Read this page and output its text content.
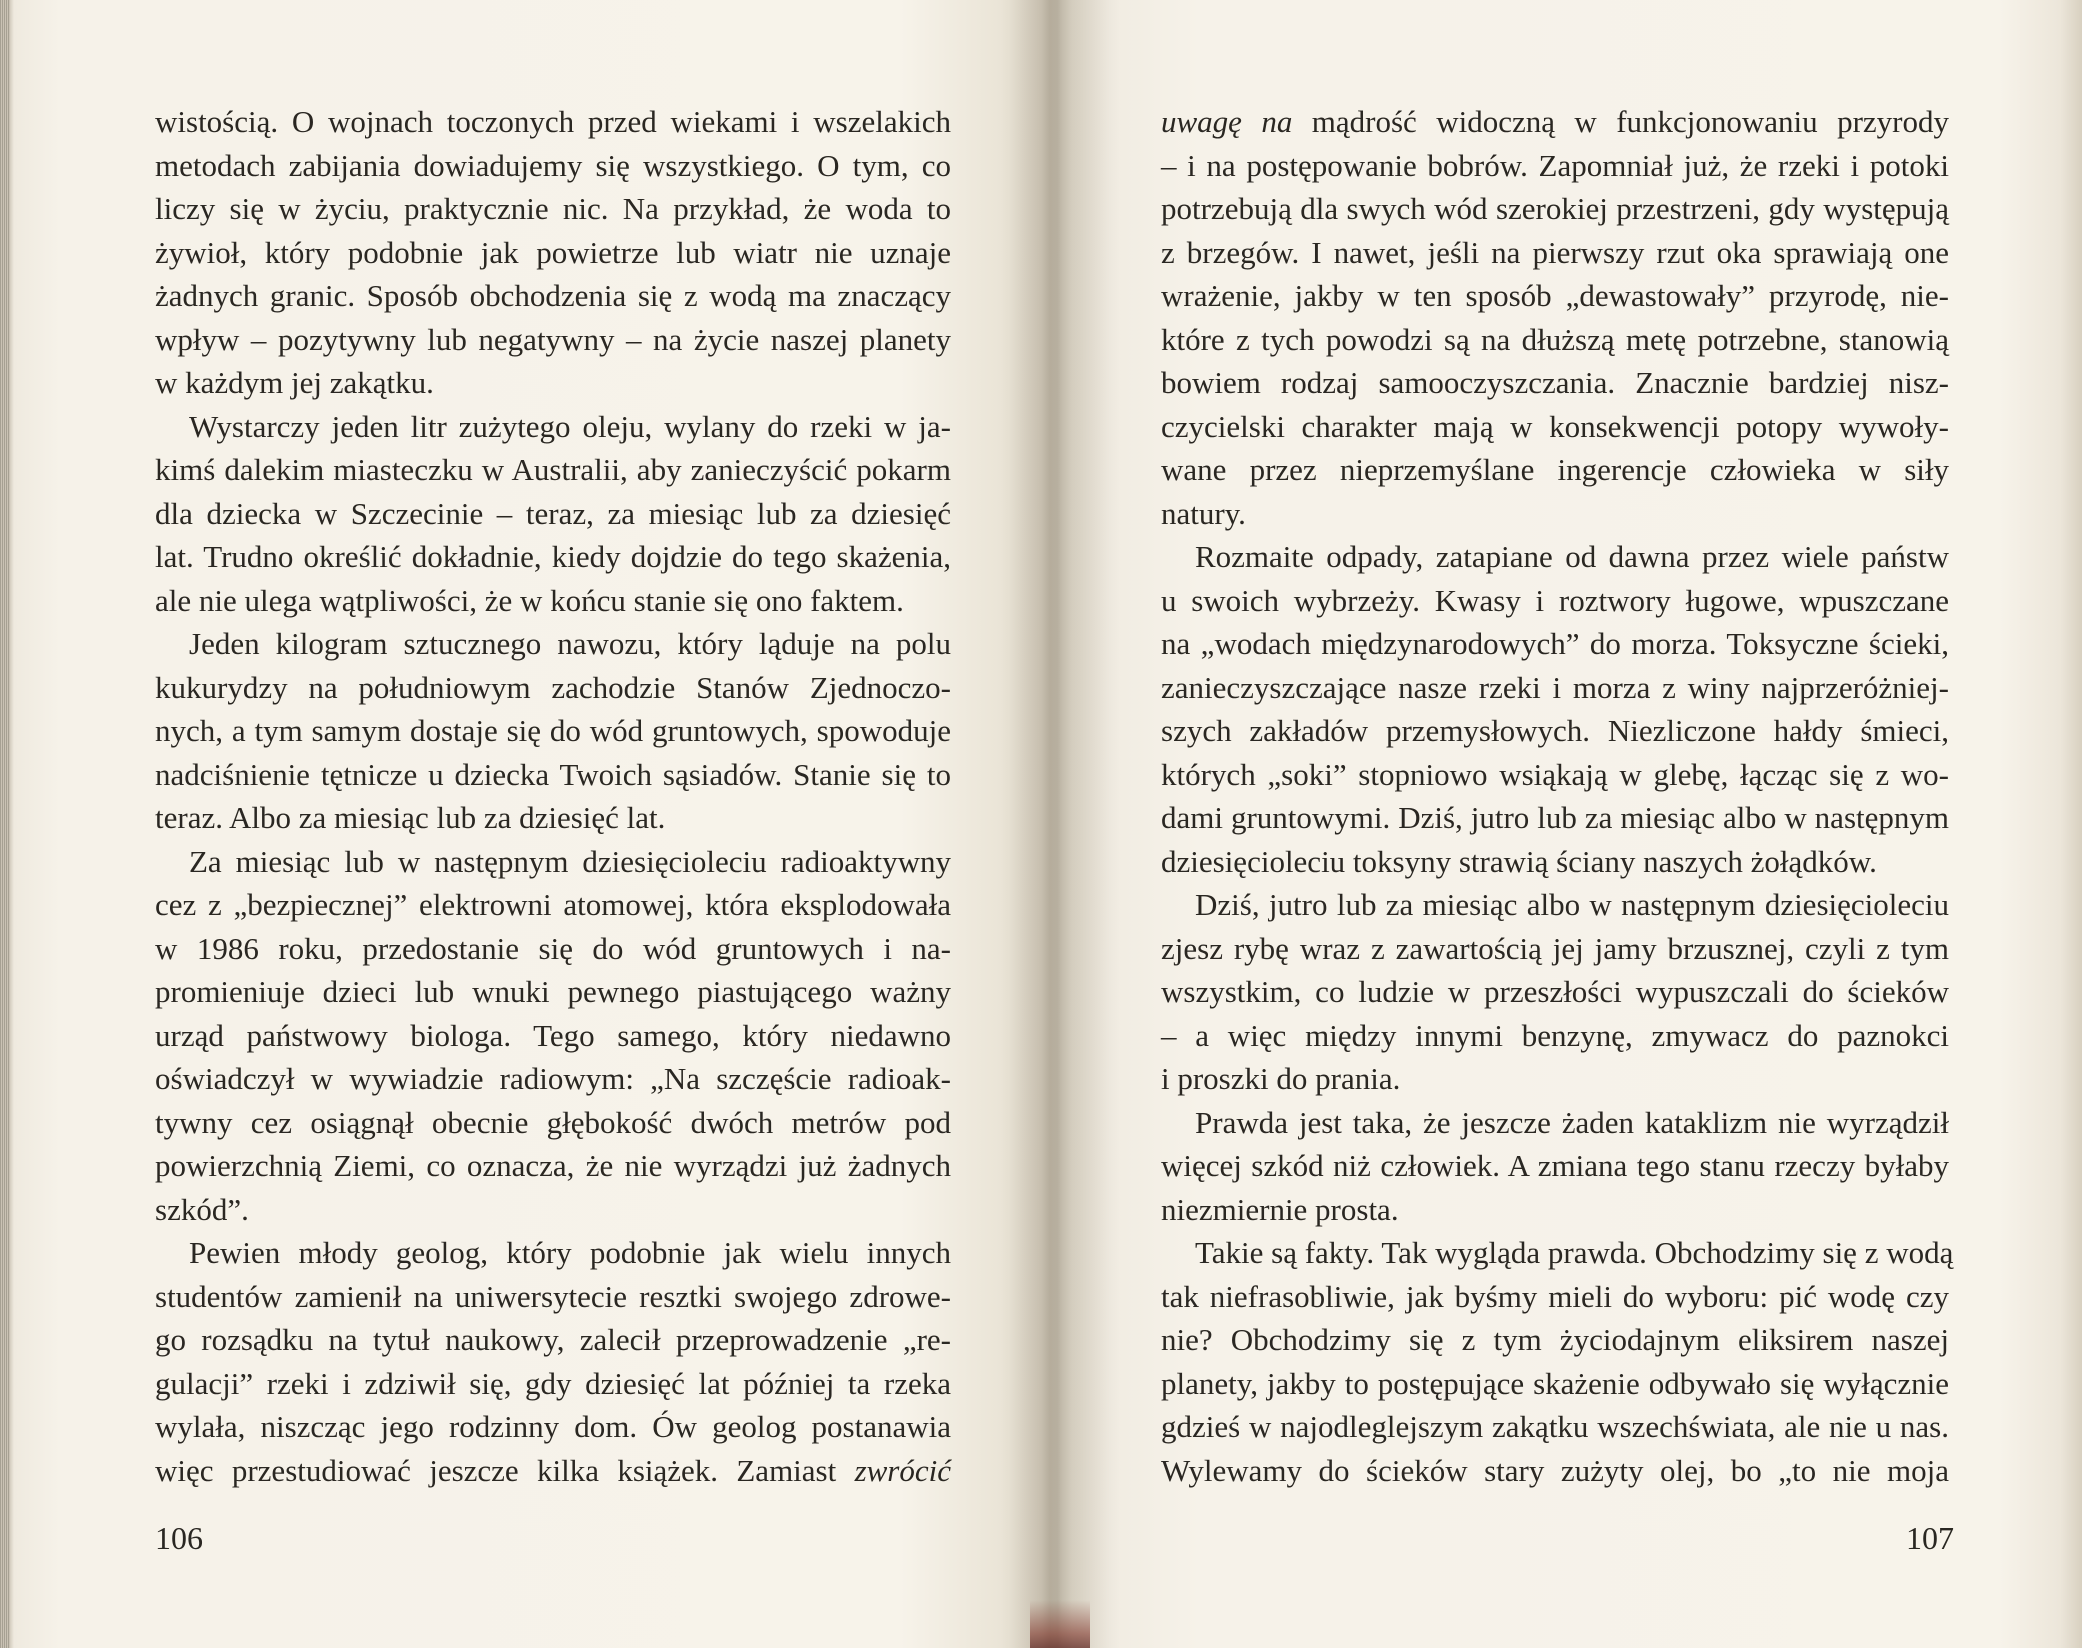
wistością. O wojnach toczonych przed wiekami i wszelakich
metodach zabijania dowiadujemy się wszystkiego. O tym, co
liczy się w życiu, praktycznie nic. Na przykład, że woda to
żywioł, który podobnie jak powietrze lub wiatr nie uznaje
żadnych granic. Sposób obchodzenia się z wodą ma znaczący
wpływ – pozytywny lub negatywny – na życie naszej planety
w każdym jej zakątku.
Wystarczy jeden litr zużytego oleju, wylany do rzeki w ja-
kimś dalekim miasteczku w Australii, aby zanieczyścić pokarm
dla dziecka w Szczecinie – teraz, za miesiąc lub za dziesięć
lat. Trudno określić dokładnie, kiedy dojdzie do tego skażenia,
ale nie ulega wątpliwości, że w końcu stanie się ono faktem.
Jeden kilogram sztucznego nawozu, który ląduje na polu
kukurydzy na południowym zachodzie Stanów Zjednoczo-
nych, a tym samym dostaje się do wód gruntowych, spowoduje
nadciśnienie tętnicze u dziecka Twoich sąsiadów. Stanie się to
teraz. Albo za miesiąc lub za dziesięć lat.
Za miesiąc lub w następnym dziesięcioleciu radioaktywny
cez z „bezpiecznej” elektrowni atomowej, która eksplodowała
w 1986 roku, przedostanie się do wód gruntowych i na-
promieniuje dzieci lub wnuki pewnego piastującego ważny
urząd państwowy biologa. Tego samego, który niedawno
oświadczył w wywiadzie radiowym: „Na szczęście radioak-
tywny cez osiągnął obecnie głębokość dwóch metrów pod
powierzchnią Ziemi, co oznacza, że nie wyrządzi już żadnych
szkód”.
Pewien młody geolog, który podobnie jak wielu innych
studentów zamienił na uniwersytecie resztki swojego zdrowe-
go rozsądku na tytuł naukowy, zalecił przeprowadzenie „re-
gulacji” rzeki i zdziwił się, gdy dziesięć lat później ta rzeka
wylała, niszcząc jego rodzinny dom. Ów geolog postanawia
więc przestudiować jeszcze kilka książek. Zamiast zwrócić
uwagę na mądrość widoczną w funkcjonowaniu przyrody
– i na postępowanie bobrów. Zapomniał już, że rzeki i potoki
potrzebują dla swych wód szerokiej przestrzeni, gdy występują
z brzegów. I nawet, jeśli na pierwszy rzut oka sprawiają one
wrażenie, jakby w ten sposób „dewastowały” przyrodę, nie-
które z tych powodzi są na dłuższą metę potrzebne, stanowią
bowiem rodzaj samooczyszczania. Znacznie bardziej nisz-
czycielski charakter mają w konsekwencji potopy wywoły-
wane przez nieprzemyślane ingerencje człowieka w siły
natury.
Rozmaite odpady, zatapiane od dawna przez wiele państw
u swoich wybrzeży. Kwasy i roztwory ługowe, wpuszczane
na „wodach międzynarodowych” do morza. Toksyczne ścieki,
zanieczyszczające nasze rzeki i morza z winy najprzeróżniej-
szych zakładów przemysłowych. Niezliczone hałdy śmieci,
których „soki” stopniowo wsiąkają w glebę, łącząc się z wo-
dami gruntowymi. Dziś, jutro lub za miesiąc albo w następnym
dziesięcioleciu toksyny strawią ściany naszych żołądków.
Dziś, jutro lub za miesiąc albo w następnym dziesięcioleciu
zjesz rybę wraz z zawartością jej jamy brzusznej, czyli z tym
wszystkim, co ludzie w przeszłości wypuszczali do ścieków
– a więc między innymi benzynę, zmywacz do paznokci
i proszki do prania.
Prawda jest taka, że jeszcze żaden kataklizm nie wyrządził
więcej szkód niż człowiek. A zmiana tego stanu rzeczy byłaby
niezmiernie prosta.
Takie są fakty. Tak wygląda prawda. Obchodzimy się z wodą
tak niefrasobliwie, jak byśmy mieli do wyboru: pić wodę czy
nie? Obchodzimy się z tym życiodajnym eliksirem naszej
planety, jakby to postępujące skażenie odbywało się wyłącznie
gdzieś w najodleglejszym zakątku wszechświata, ale nie u nas.
Wylewamy do ścieków stary zużyty olej, bo „to nie moja
106	107
